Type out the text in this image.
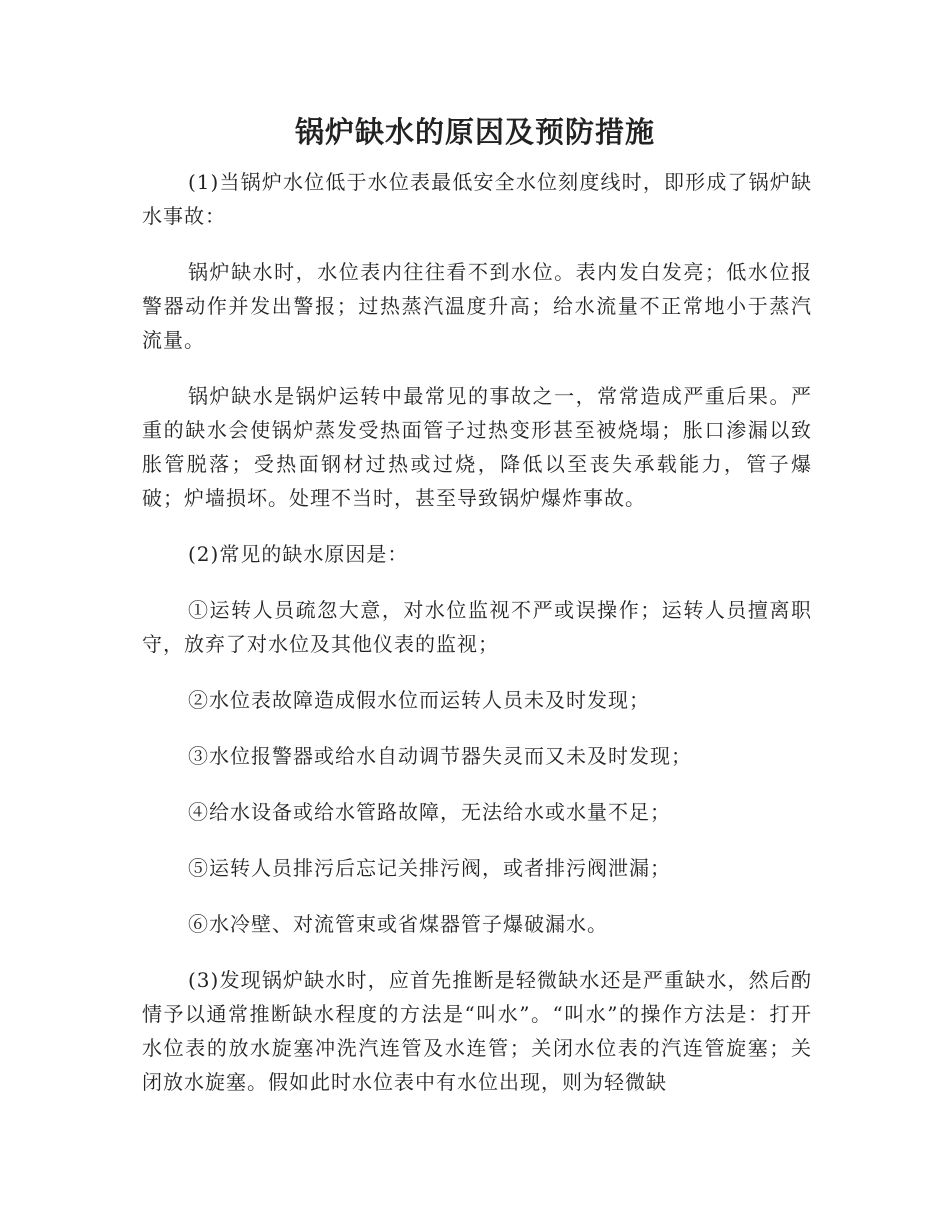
锅炉缺水的原因及预防措施

(1)当锅炉水位低于水位表最低安全水位刻度线时，即形成了锅炉缺水事故：

锅炉缺水时，水位表内往往看不到水位。表内发白发亮；低水位报警器动作并发出警报；过热蒸汽温度升高；给水流量不正常地小于蒸汽流量。

锅炉缺水是锅炉运转中最常见的事故之一，常常造成严重后果。严重的缺水会使锅炉蒸发受热面管子过热变形甚至被烧塌；胀口渗漏以致胀管脱落；受热面钢材过热或过烧，降低以至丧失承载能力，管子爆破；炉墙损坏。处理不当时，甚至导致锅炉爆炸事故。

(2)常见的缺水原因是：

①运转人员疏忽大意，对水位监视不严或误操作；运转人员擅离职守，放弃了对水位及其他仪表的监视；

②水位表故障造成假水位而运转人员未及时发现；

③水位报警器或给水自动调节器失灵而又未及时发现；

④给水设备或给水管路故障，无法给水或水量不足；

⑤运转人员排污后忘记关排污阀，或者排污阀泄漏；

⑥水冷壁、对流管束或省煤器管子爆破漏水。

(3)发现锅炉缺水时，应首先推断是轻微缺水还是严重缺水，然后酌情予以通常推断缺水程度的方法是“叫水”。“叫水”的操作方法是：打开水位表的放水旋塞冲洗汽连管及水连管；关闭水位表的汽连管旋塞；关闭放水旋塞。假如此时水位表中有水位出现，则为轻微缺
